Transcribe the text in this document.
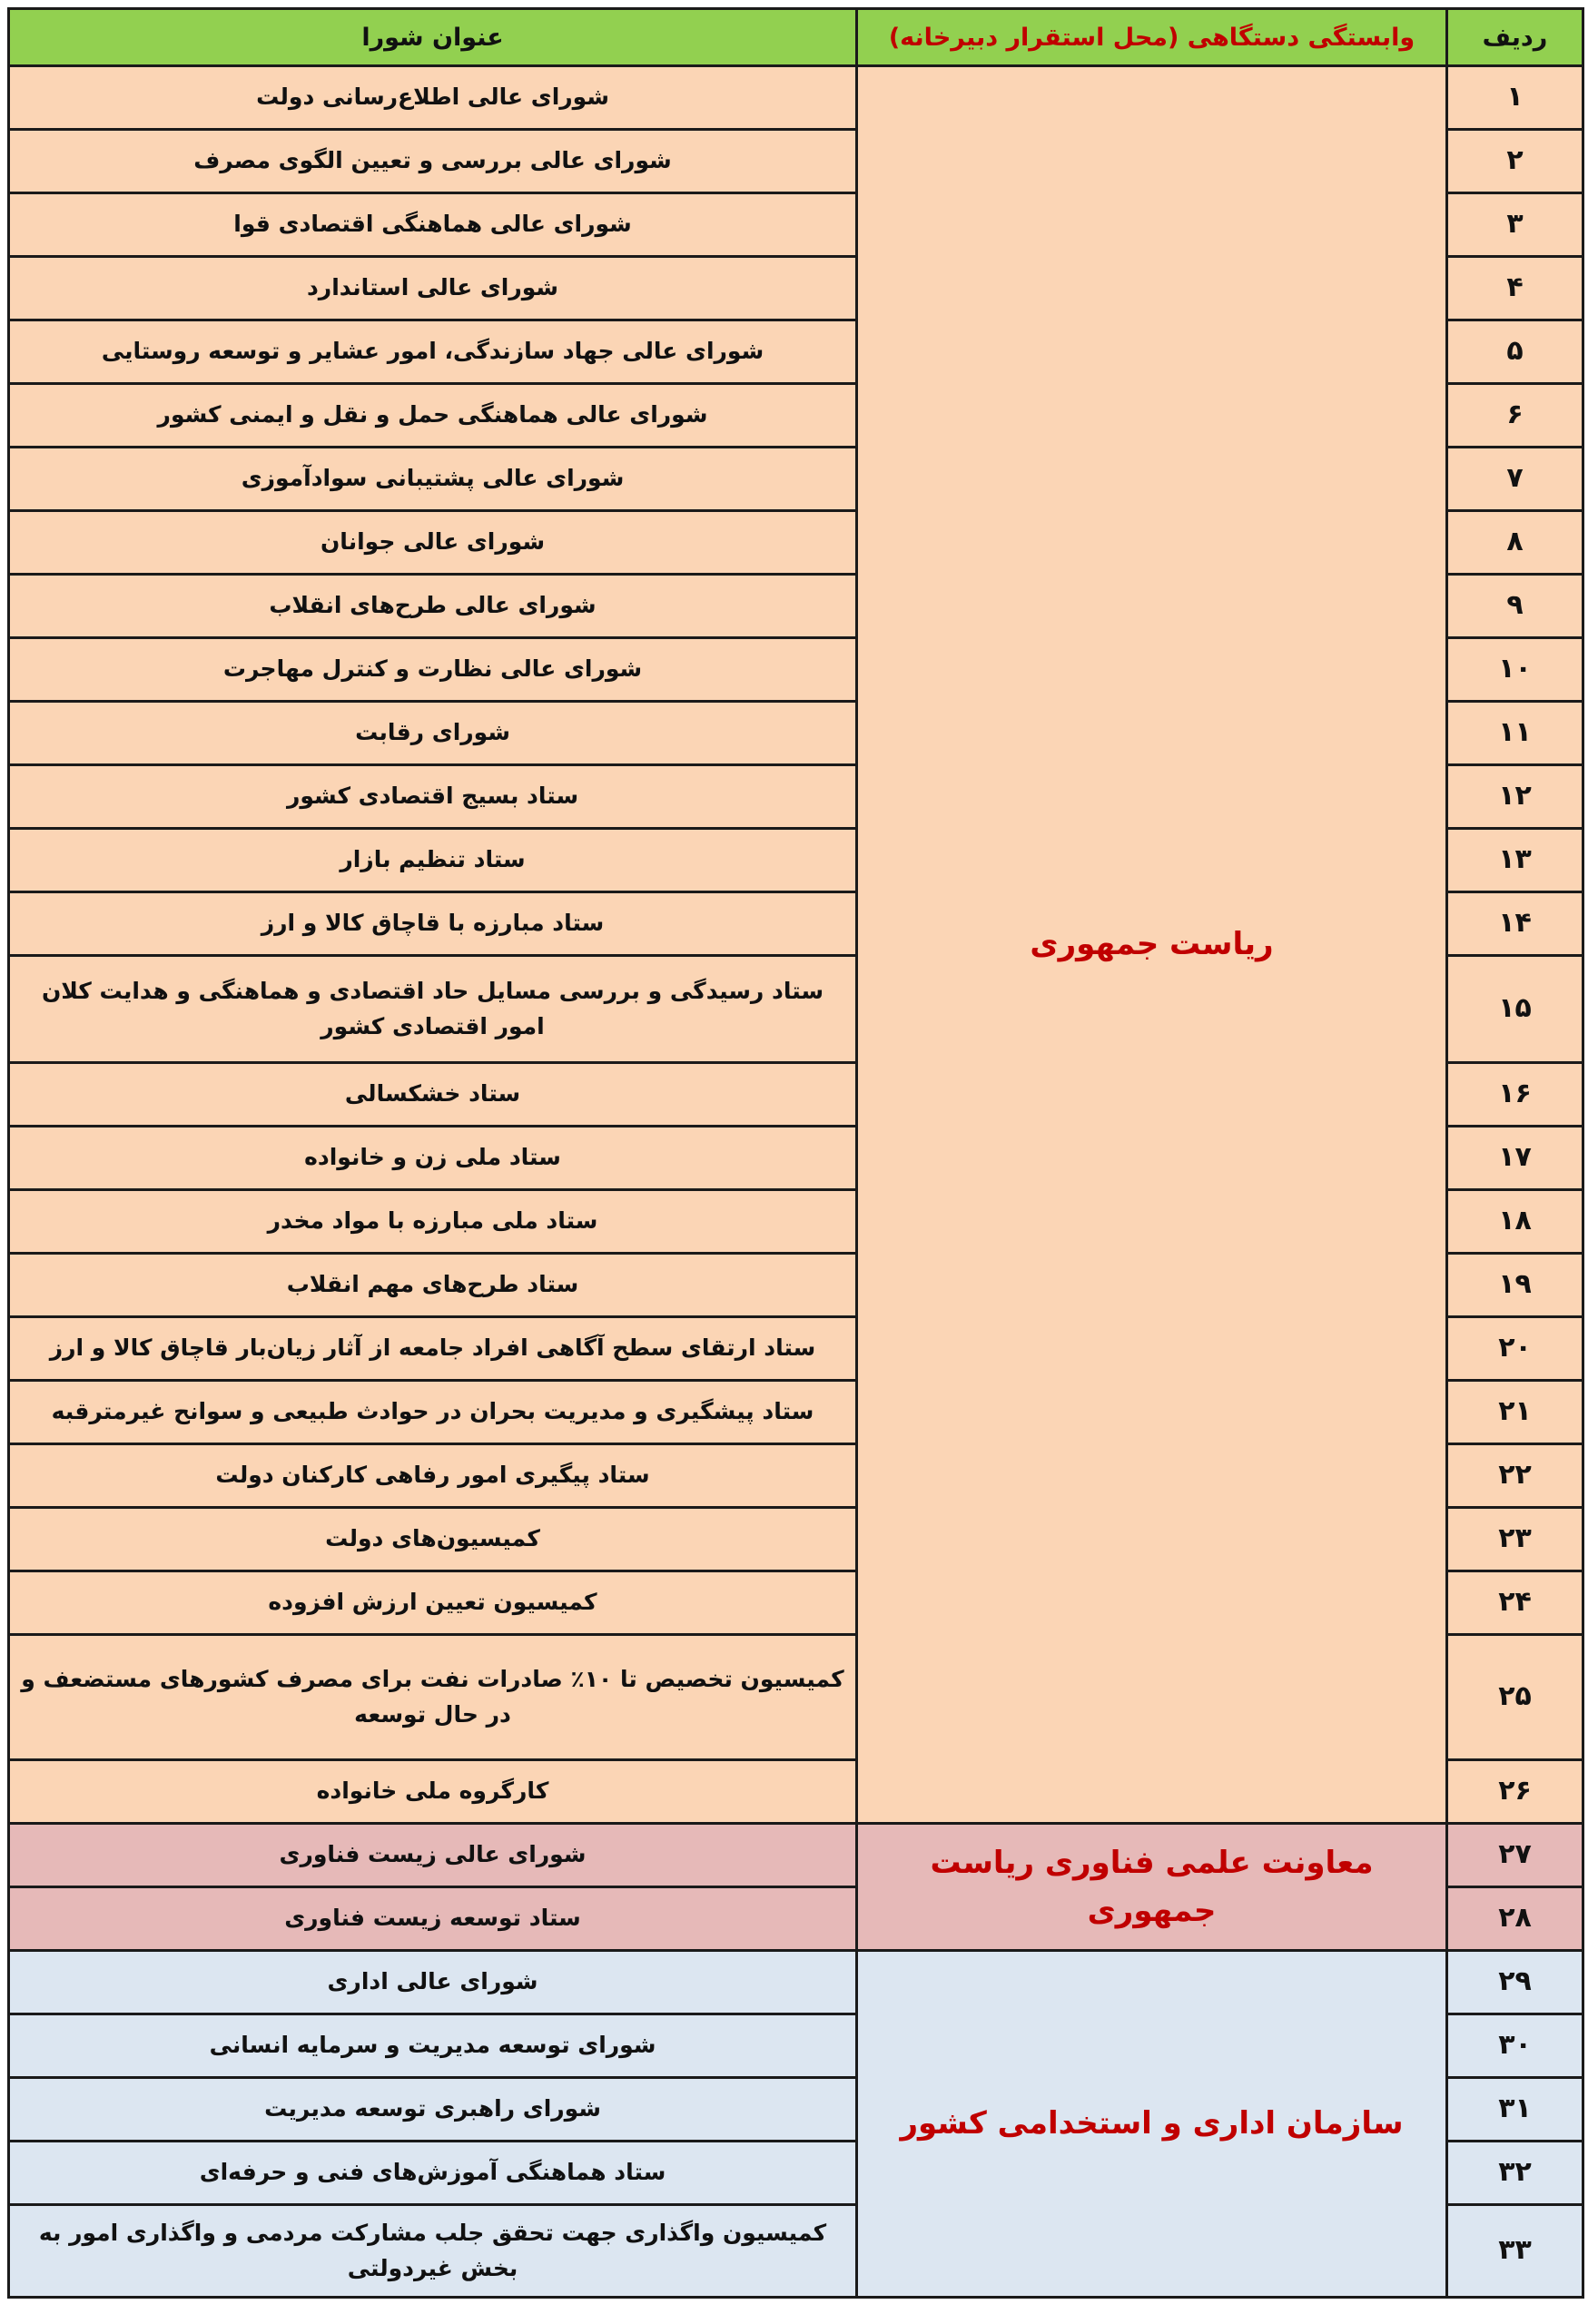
ردیف	وابستگی دستگاهی (محل استقرار دبیرخانه)	عنوان شورا
۱	ریاست جمهوری	شورای عالی اطلاع‌رسانی دولت
۲		شورای عالی بررسی و تعیین الگوی مصرف
۳		شورای عالی هماهنگی اقتصادی قوا
۴		شورای عالی استاندارد
۵		شورای عالی جهاد سازندگی، امور عشایر و توسعه روستایی
۶		شورای عالی هماهنگی حمل و نقل و ایمنی کشور
۷		شورای عالی پشتیبانی سوادآموزی
۸		شورای عالی جوانان
۹		شورای عالی طرح‌های انقلاب
۱۰		شورای عالی نظارت و کنترل مهاجرت
۱۱		شورای رقابت
۱۲		ستاد بسیج اقتصادی کشور
۱۳		ستاد تنظیم بازار
۱۴		ستاد مبارزه با قاچاق کالا و ارز
۱۵		ستاد رسیدگی و بررسی مسایل حاد اقتصادی و هماهنگی و هدایت کلان امور اقتصادی کشور
۱۶		ستاد خشکسالی
۱۷		ستاد ملی زن و خانواده
۱۸		ستاد ملی مبارزه با مواد مخدر
۱۹		ستاد طرح‌های مهم انقلاب
۲۰		ستاد ارتقای سطح آگاهی افراد جامعه از آثار زیان‌بار قاچاق کالا و ارز
۲۱		ستاد پیشگیری و مدیریت بحران در حوادث طبیعی و سوانح غیرمترقبه
۲۲		ستاد پیگیری امور رفاهی کارکنان دولت
۲۳		کمیسیون‌های دولت
۲۴		کمیسیون تعیین ارزش افزوده
۲۵		کمیسیون تخصیص تا ۱۰٪ صادرات نفت برای مصرف کشورهای مستضعف و در حال توسعه
۲۶		کارگروه ملی خانواده
۲۷	معاونت علمی فناوری ریاست جمهوری	شورای عالی زیست فناوری
۲۸		ستاد توسعه زیست فناوری
۲۹	سازمان اداری و استخدامی کشور	شورای عالی اداری
۳۰		شورای توسعه مدیریت و سرمایه انسانی
۳۱		شورای راهبری توسعه مدیریت
۳۲		ستاد هماهنگی آموزش‌های فنی و حرفه‌ای
۳۳		کمیسیون واگذاری جهت تحقق جلب مشارکت مردمی و واگذاری امور به بخش غیردولتی
